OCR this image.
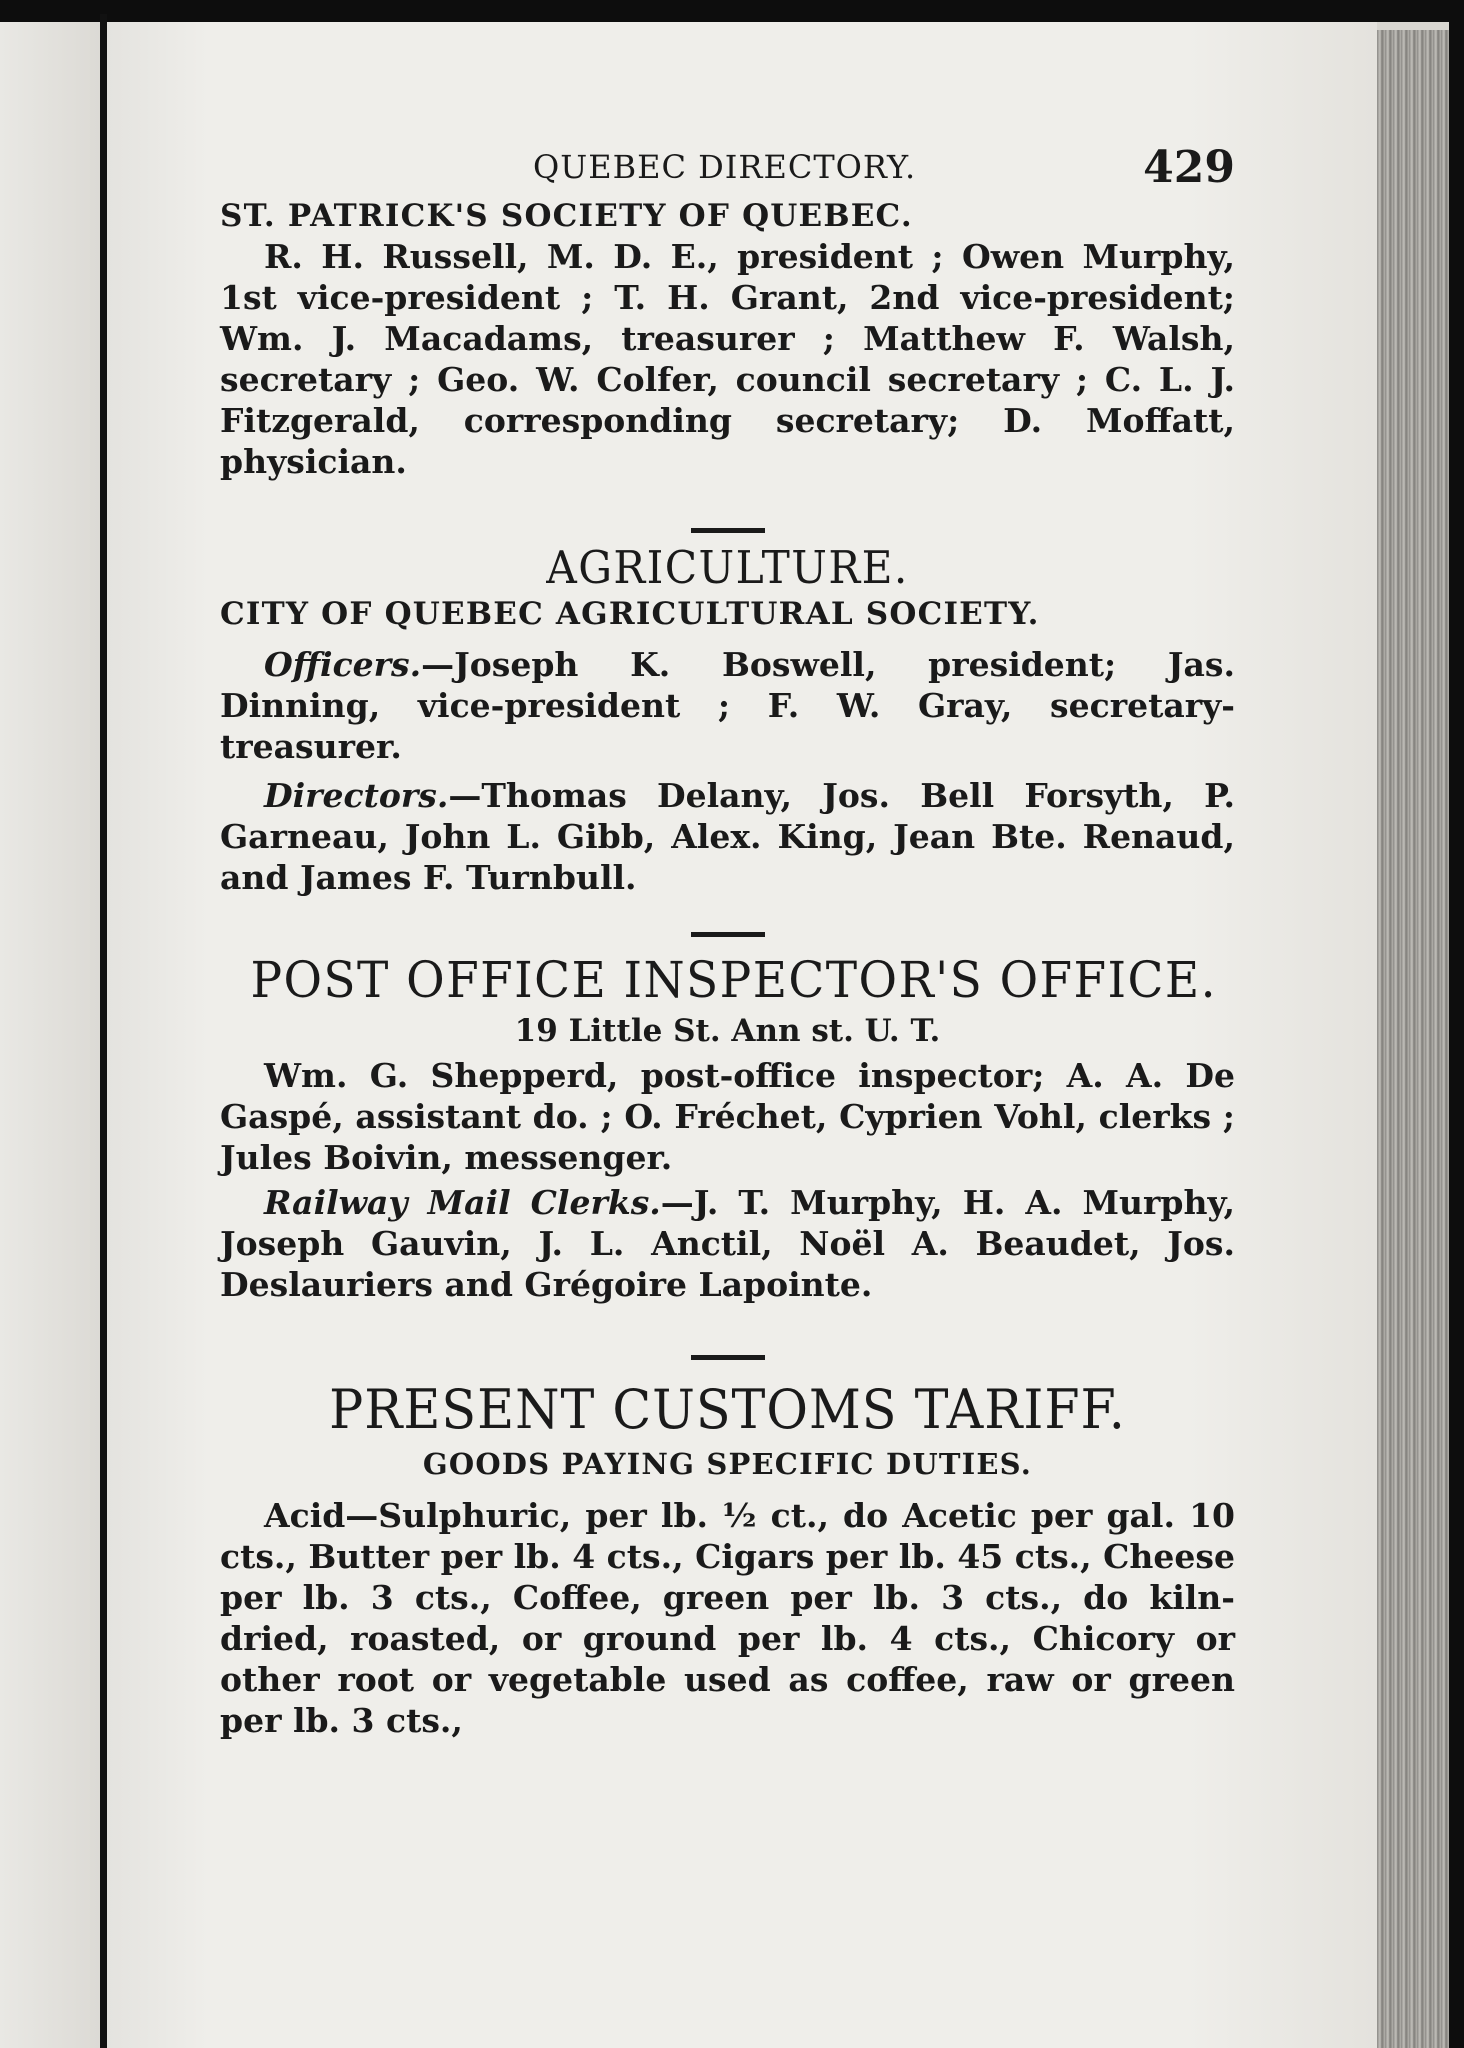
QUEBEC DIRECTORY.	429

ST. PATRICK'S SOCIETY OF QUEBEC.

R. H. Russell, M. D. E., president ; Owen Murphy, 1st vice-president ; T. H. Grant, 2nd vice-president; Wm. J. Macadams, treasurer ; Matthew F. Walsh, secretary ; Geo. W. Colfer, council secretary ; C. L. J. Fitzgerald, corresponding secretary; D. Moffatt, physician.

AGRICULTURE.

CITY OF QUEBEC AGRICULTURAL SOCIETY.

Officers.—Joseph K. Boswell, president; Jas. Dinning, vice-president ; F. W. Gray, secretary-treasurer.

Directors.—Thomas Delany, Jos. Bell Forsyth, P. Garneau, John L. Gibb, Alex. King, Jean Bte. Renaud, and James F. Turnbull.

POST OFFICE INSPECTOR'S OFFICE.

19 Little St. Ann st. U. T.

Wm. G. Shepperd, post-office inspector; A. A. De Gaspé, assistant do. ; O. Fréchet, Cyprien Vohl, clerks ; Jules Boivin, messenger.

Railway Mail Clerks.—J. T. Murphy, H. A. Murphy, Joseph Gauvin, J. L. Anctil, Noël A. Beaudet, Jos. Deslauriers and Grégoire Lapointe.

PRESENT CUSTOMS TARIFF.

GOODS PAYING SPECIFIC DUTIES.

Acid—Sulphuric, per lb. ½ ct., do Acetic per gal. 10 cts., Butter per lb. 4 cts., Cigars per lb. 45 cts., Cheese per lb. 3 cts., Coffee, green per lb. 3 cts., do kiln-dried, roasted, or ground per lb. 4 cts., Chicory or other root or vegetable used as coffee, raw or green per lb. 3 cts.,
